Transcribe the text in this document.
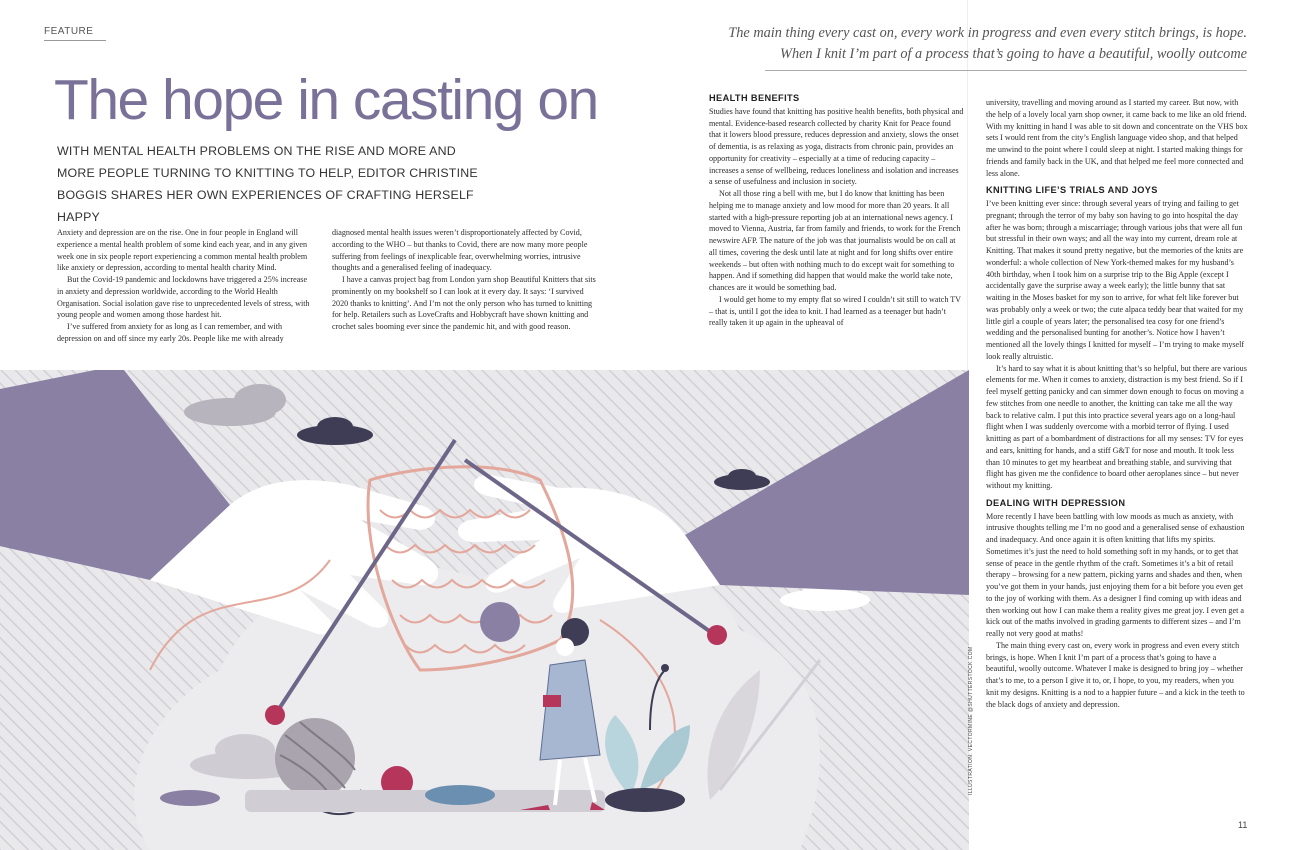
FEATURE
The hope in casting on
WITH MENTAL HEALTH PROBLEMS ON THE RISE AND MORE AND MORE PEOPLE TURNING TO KNITTING TO HELP, EDITOR CHRISTINE BOGGIS SHARES HER OWN EXPERIENCES OF CRAFTING HERSELF HAPPY
The main thing every cast on, every work in progress and even every stitch brings, is hope. When I knit I’m part of a process that’s going to have a beautiful, woolly outcome

Anxiety and depression are on the rise. One in four people in England will experience a mental health problem of some kind each year, and in any given week one in six people report experiencing a common mental health problem like anxiety or depression, according to mental health charity Mind.

But the Covid-19 pandemic and lockdowns have triggered a 25% increase in anxiety and depression worldwide, according to the World Health Organisation. Social isolation gave rise to unprecedented levels of stress, with young people and women among those hardest hit.

I’ve suffered from anxiety for as long as I can remember, and with depression on and off since my early 20s. People like me with already

diagnosed mental health issues weren’t disproportionately affected by Covid, according to the WHO – but thanks to Covid, there are now many more people suffering from feelings of inexplicable fear, overwhelming worries, intrusive thoughts and a generalised feeling of inadequacy.

I have a canvas project bag from London yarn shop Beautiful Knitters that sits prominently on my bookshelf so I can look at it every day. It says: ‘I survived 2020 thanks to knitting’. And I’m not the only person who has turned to knitting for help. Retailers such as LoveCrafts and Hobbycraft have shown knitting and crochet sales booming ever since the pandemic hit, and with good reason.

HEALTH BENEFITS

Studies have found that knitting has positive health benefits, both physical and mental. Evidence-based research collected by charity Knit for Peace found that it lowers blood pressure, reduces depression and anxiety, slows the onset of dementia, is as relaxing as yoga, distracts from chronic pain, provides an opportunity for creativity – especially at a time of reducing capacity – increases a sense of wellbeing, reduces loneliness and isolation and increases a sense of usefulness and inclusion in society.

Not all those ring a bell with me, but I do know that knitting has been helping me to manage anxiety and low mood for more than 20 years. It all started with a high-pressure reporting job at an international news agency. I moved to Vienna, Austria, far from family and friends, to work for the French newswire AFP. The nature of the job was that journalists would be on call at all times, covering the desk until late at night and for long shifts over entire weekends – but often with nothing much to do except wait for something to happen. And if something did happen that would make the world take note, chances are it would be something bad.

I would get home to my empty flat so wired I couldn’t sit still to watch TV – that is, until I got the idea to knit. I had learned as a teenager but hadn’t really taken it up again in the upheaval of

university, travelling and moving around as I started my career. But now, with the help of a lovely local yarn shop owner, it came back to me like an old friend. With my knitting in hand I was able to sit down and concentrate on the VHS box sets I would rent from the city’s English language video shop, and that helped me unwind to the point where I could sleep at night. I started making things for friends and family back in the UK, and that helped me feel more connected and less alone.

KNITTING LIFE’S TRIALS AND JOYS

I’ve been knitting ever since: through several years of trying and failing to get pregnant; through the terror of my baby son having to go into hospital the day after he was born; through a miscarriage; through various jobs that were all fun but stressful in their own ways; and all the way into my current, dream role at Knitting. That makes it sound pretty negative, but the memories of the knits are wonderful: a whole collection of New York-themed makes for my husband’s 40th birthday, when I took him on a surprise trip to the Big Apple (except I accidentally gave the surprise away a week early); the little bunny that sat waiting in the Moses basket for my son to arrive, for what felt like forever but was probably only a week or two; the cute alpaca teddy bear that waited for my little girl a couple of years later; the personalised tea cosy for one friend’s wedding and the personalised bunting for another’s. Notice how I haven’t mentioned all the lovely things I knitted for myself – I’m trying to make myself look really altruistic.

It’s hard to say what it is about knitting that’s so helpful, but there are various elements for me. When it comes to anxiety, distraction is my best friend. So if I feel myself getting panicky and can simmer down enough to focus on moving a few stitches from one needle to another, the knitting can take me all the way back to relative calm. I put this into practice several years ago on a long-haul flight when I was suddenly overcome with a morbid terror of flying. I used knitting as part of a bombardment of distractions for all my senses: TV for eyes and ears, knitting for hands, and a stiff G&T for nose and mouth. It took less than 10 minutes to get my heartbeat and breathing stable, and surviving that flight has given me the confidence to board other aeroplanes since – but never without my knitting.

DEALING WITH DEPRESSION

More recently I have been battling with low moods as much as anxiety, with intrusive thoughts telling me I’m no good and a generalised sense of exhaustion and inadequacy. And once again it is often knitting that lifts my spirits. Sometimes it’s just the need to hold something soft in my hands, or to get that sense of peace in the gentle rhythm of the craft. Sometimes it’s a bit of retail therapy – browsing for a new pattern, picking yarns and shades and then, when you’ve got them in your hands, just enjoying them for a bit before you even get to the joy of working with them. As a designer I find coming up with ideas and then working out how I can make them a reality gives me great joy. I even get a kick out of the maths involved in grading garments to different sizes – and I’m really not very good at maths!

The main thing every cast on, every work in progress and even every stitch brings, is hope. When I knit I’m part of a process that’s going to have a beautiful, woolly outcome. Whatever I make is designed to bring joy – whether that’s to me, to a person I give it to, or, I hope, to you, my readers, when you knit my designs. Knitting is a nod to a happier future – and a kick in the teeth to the black dogs of anxiety and depression.

ILLUSTRATION: VECTORMINE @SHUTTERSTOCK.COM
11
